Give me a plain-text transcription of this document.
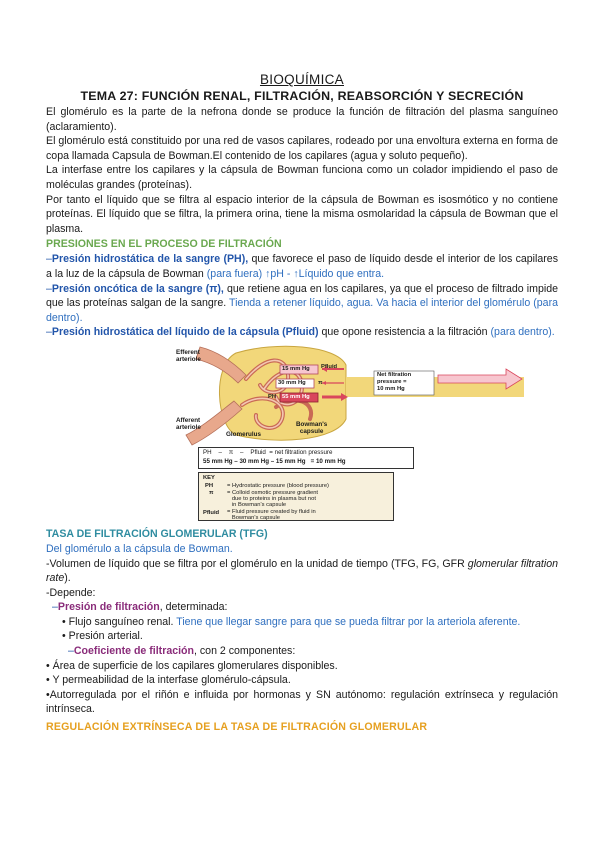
BIOQUÍMICA
TEMA 27: FUNCIÓN RENAL, FILTRACIÓN, REABSORCIÓN Y SECRECIÓN

El glomérulo es la parte de la nefrona donde se produce la función de filtración del plasma sanguíneo (aclaramiento).

El glomérulo está constituido por una red de vasos capilares, rodeado por una envoltura externa en forma de copa llamada Capsula de Bowman.El contenido de los capilares (agua y soluto pequeño).

La interfase entre los capilares y la cápsula de Bowman funciona como un colador impidiendo el paso de moléculas grandes (proteínas).

Por tanto el líquido que se filtra al espacio interior de la cápsula de Bowman es isosmótico y no contiene proteínas. El líquido que se filtra, la primera orina, tiene la misma osmolaridad la cápsula de Bowman que el plasma.

PRESIONES EN EL PROCESO DE FILTRACIÓN

–Presión hidrostática de la sangre (PH), que favorece el paso de líquido desde el interior de los capilares a la luz de la cápsula de Bowman (para fuera) ↑pH - ↑Líquido que entra.

–Presión oncótica de la sangre (π), que retiene agua en los capilares, ya que el proceso de filtrado impide que las proteínas salgan de la sangre. Tienda a retener líquido, agua. Va hacia el interior del glomérulo (para dentro).

–Presión hidrostática del líquido de la cápsula (Pfluid) que opone resistencia a la filtración (para dentro).

15 mm Hg Pfluid
30 mm Hg π
55 mm Hg
PH
Efferent
arteriole
Afferent
arteriole
Glomerulus
Bowman's
capsule
Net filtration
pressure =
10 mm Hg
PH – π – Pfluid = net filtration pressure
55 mm Hg – 30 mm Hg – 15 mm Hg = 10 mm Hg
KEY
PH = Hydrostatic pressure (blood pressure)
π = Colloid osmotic pressure gradient
due to proteins in plasma but not
in Bowman's capsule
Pfluid = Fluid pressure created by fluid in
Bowman's capsule
TASA DE FILTRACIÓN GLOMERULAR (TFG)

Del glomérulo a la cápsula de Bowman.

-Volumen de líquido que se filtra por el glomérulo en la unidad de tiempo (TFG, FG, GFR glomerular filtration rate).

-Depende:

–Presión de filtración, determinada:

• Flujo sanguíneo renal. Tiene que llegar sangre para que se pueda filtrar por la arteriola aferente.

• Presión arterial.

–Coeficiente de filtración, con 2 componentes:

• Área de superficie de los capilares glomerulares disponibles.

• Y permeabilidad de la interfase glomérulo-cápsula.

•Autorregulada por el riñón e influida por hormonas y SN autónomo: regulación extrínseca y regulación intrínseca.

REGULACIÓN EXTRÍNSECA DE LA TASA DE FILTRACIÓN GLOMERULAR
